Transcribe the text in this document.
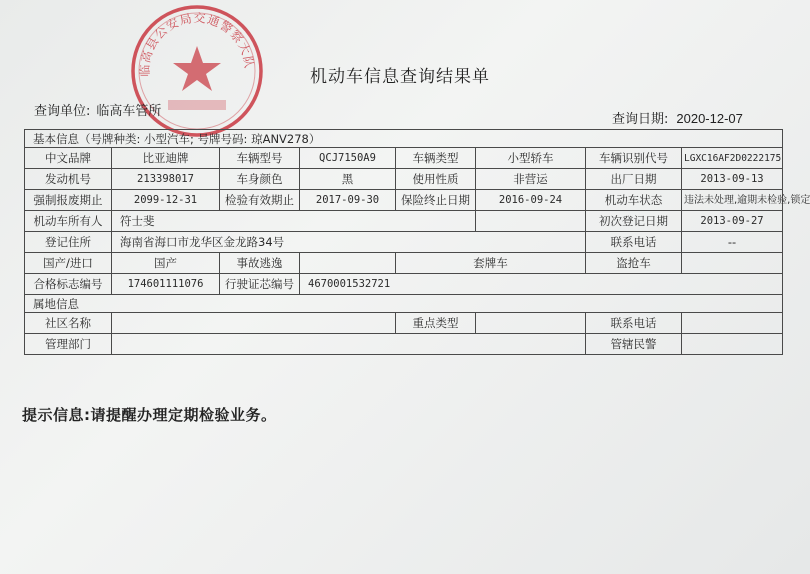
临高县公安局交通警察大队
机动车信息查询结果单
查询单位: 临高车管所
查询日期: 2020-12-07
基本信息（号牌种类: 小型汽车; 号牌号码: 琼ANV278）							
中文品牌	比亚迪牌	车辆型号	QCJ7150A9	车辆类型	小型轿车	车辆识别代号	LGXC16AF2D0222175
发动机号	213398017	车身颜色	黑	使用性质	非营运	出厂日期	2013-09-13
强制报废期止	2099-12-31	检验有效期止	2017-09-30	保险终止日期	2016-09-24	机动车状态	违法未处理,逾期未检验,锁定
机动车所有人	符士斐					初次登记日期	2013-09-27
登记住所	海南省海口市龙华区金龙路34号					联系电话	--
国产/进口	国产	事故逃逸		套牌车		盗抢车	
合格标志编号	174601111076	行驶证芯编号	4670001532721				
属地信息							
社区名称				重点类型		联系电话	
管理部门						管辖民警	
提示信息:请提醒办理定期检验业务。
